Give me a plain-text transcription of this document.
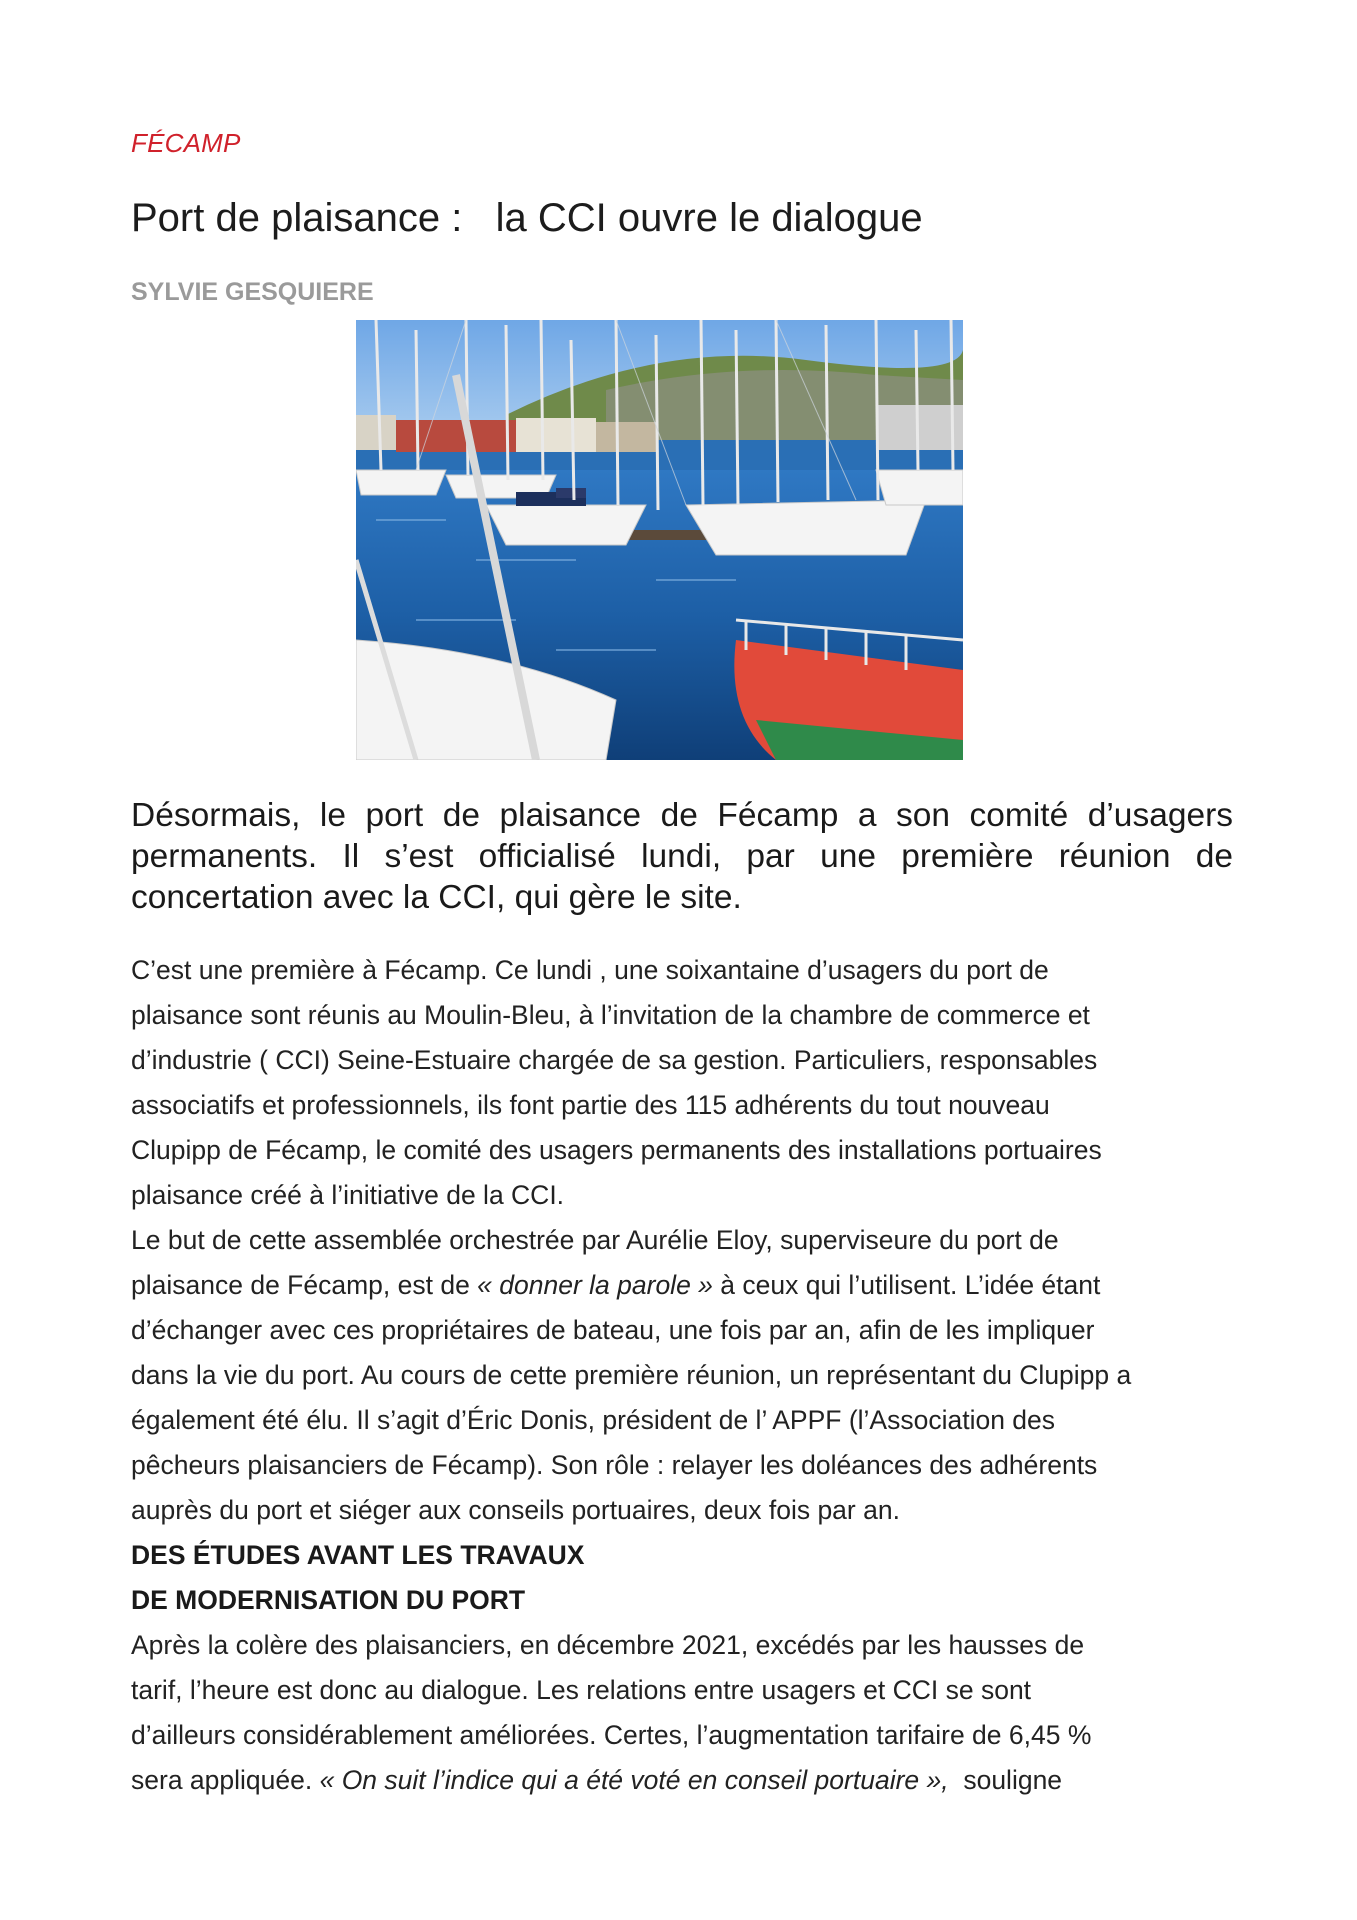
FÉCAMP
Port de plaisance :   la CCI ouvre le dialogue
SYLVIE GESQUIERE
Désormais, le port de plaisance de Fécamp a son comité d’usagers permanents. Il s’est officialisé lundi, par une première réunion de concertation avec la CCI, qui gère le site.

C’est une première à Fécamp. Ce lundi , une soixantaine d’usagers du port de
plaisance sont réunis au Moulin-Bleu, à l’invitation de la chambre de commerce et
d’industrie ( CCI) Seine-Estuaire chargée de sa gestion. Particuliers, responsables
associatifs et professionnels, ils font partie des 115 adhérents du tout nouveau
Clupipp de Fécamp, le comité des usagers permanents des installations portuaires
plaisance créé à l’initiative de la CCI.

Le but de cette assemblée orchestrée par Aurélie Eloy, superviseure du port de
plaisance de Fécamp, est de « donner la parole » à ceux qui l’utilisent. L’idée étant
d’échanger avec ces propriétaires de bateau, une fois par an, afin de les impliquer
dans la vie du port. Au cours de cette première réunion, un représentant du Clupipp a
également été élu. Il s’agit d’Éric Donis, président de l’ APPF (l’Association des
pêcheurs plaisanciers de Fécamp). Son rôle : relayer les doléances des adhérents
auprès du port et siéger aux conseils portuaires, deux fois par an.

DES ÉTUDES AVANT LES TRAVAUX
DE MODERNISATION DU PORT

Après la colère des plaisanciers, en décembre 2021, excédés par les hausses de
tarif, l’heure est donc au dialogue. Les relations entre usagers et CCI se sont
d’ailleurs considérablement améliorées. Certes, l’augmentation tarifaire de 6,45 %
sera appliquée. « On suit l’indice qui a été voté en conseil portuaire »,  souligne
